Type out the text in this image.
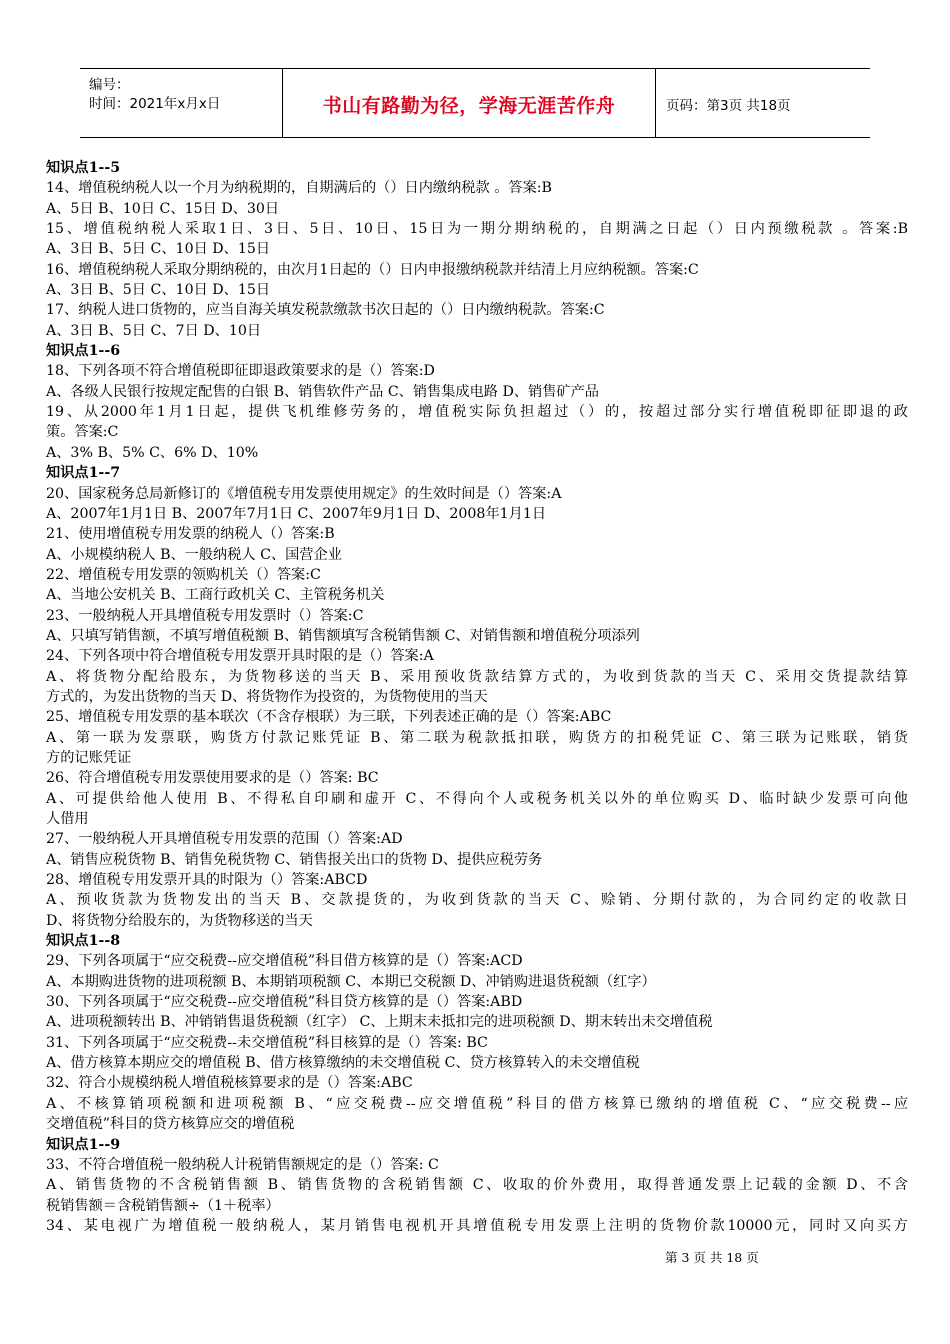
编号：
时间：2021年x月x日	书山有路勤为径，学海无涯苦作舟	页码：第3页 共18页
知识点1--5
14、增值税纳税人以一个月为纳税期的，自期满后的（）日内缴纳税款 。答案:B
A、5日 B、10日 C、15日 D、30日
15、增值税纳税人采取1日、3日、5日、10日、15日为一期分期纳税的，自期满之日起（）日内预缴税款 。答案:B
A、3日 B、5日 C、10日 D、15日
16、增值税纳税人采取分期纳税的，由次月1日起的（）日内申报缴纳税款并结清上月应纳税额。答案:C
A、3日 B、5日 C、10日 D、15日
17、纳税人进口货物的，应当自海关填发税款缴款书次日起的（）日内缴纳税款。答案:C
A、3日 B、5日 C、7日 D、10日
知识点1--6
18、下列各项不符合增值税即征即退政策要求的是（）答案:D
A、各级人民银行按规定配售的白银 B、销售软件产品 C、销售集成电路 D、销售矿产品
19、从2000年1月1日起，提供飞机维修劳务的，增值税实际负担超过（）的，按超过部分实行增值税即征即退的政
策。答案:C
A、3% B、5% C、6% D、10%
知识点1--7
20、国家税务总局新修订的《增值税专用发票使用规定》的生效时间是（）答案:A
A、2007年1月1日 B、2007年7月1日 C、2007年9月1日 D、2008年1月1日
21、使用增值税专用发票的纳税人（）答案:B
A、小规模纳税人 B、一般纳税人 C、国营企业
22、增值税专用发票的领购机关（）答案:C
A、当地公安机关 B、工商行政机关 C、主管税务机关
23、一般纳税人开具增值税专用发票时（）答案:C
A、只填写销售额，不填写增值税额 B、销售额填写含税销售额 C、对销售额和增值税分项添列
24、下列各项中符合增值税专用发票开具时限的是（）答案:A
A、将货物分配给股东，为货物移送的当天 B、采用预收货款结算方式的，为收到货款的当天 C、采用交货提款结算
方式的，为发出货物的当天 D、将货物作为投资的，为货物使用的当天
25、增值税专用发票的基本联次（不含存根联）为三联，下列表述正确的是（）答案:ABC
A、第一联为发票联，购货方付款记账凭证 B、第二联为税款抵扣联，购货方的扣税凭证 C、第三联为记账联，销货
方的记账凭证
26、符合增值税专用发票使用要求的是（）答案: BC
A、可提供给他人使用 B、不得私自印刷和虚开 C、不得向个人或税务机关以外的单位购买 D、临时缺少发票可向他
人借用
27、一般纳税人开具增值税专用发票的范围（）答案:AD
A、销售应税货物 B、销售免税货物 C、销售报关出口的货物 D、提供应税劳务
28、增值税专用发票开具的时限为（）答案:ABCD
A、预收货款为货物发出的当天 B、交款提货的，为收到货款的当天 C、赊销、分期付款的，为合同约定的收款日
D、将货物分给股东的，为货物移送的当天
知识点1--8
29、下列各项属于“应交税费--应交增值税”科目借方核算的是（）答案:ACD
A、本期购进货物的进项税额 B、本期销项税额 C、本期已交税额 D、冲销购进退货税额（红字）
30、下列各项属于“应交税费--应交增值税”科目贷方核算的是（）答案:ABD
A、进项税额转出 B、冲销销售退货税额（红字） C、上期末未抵扣完的进项税额 D、期末转出未交增值税
31、下列各项属于“应交税费--未交增值税”科目核算的是（）答案: BC
A、借方核算本期应交的增值税 B、借方核算缴纳的未交增值税 C、贷方核算转入的未交增值税
32、符合小规模纳税人增值税核算要求的是（）答案:ABC
A、不核算销项税额和进项税额 B、“应交税费--应交增值税”科目的借方核算已缴纳的增值税 C、“应交税费--应
交增值税”科目的贷方核算应交的增值税
知识点1--9
33、不符合增值税一般纳税人计税销售额规定的是（）答案: C
A、销售货物的不含税销售额 B、销售货物的含税销售额 C、收取的价外费用，取得普通发票上记载的金额 D、不含
税销售额＝含税销售额÷（1＋税率）
34、某电视广为增值税一般纳税人，某月销售电视机开具增值税专用发票上注明的货物价款10000元，同时又向买方
第 3 页 共 18 页
